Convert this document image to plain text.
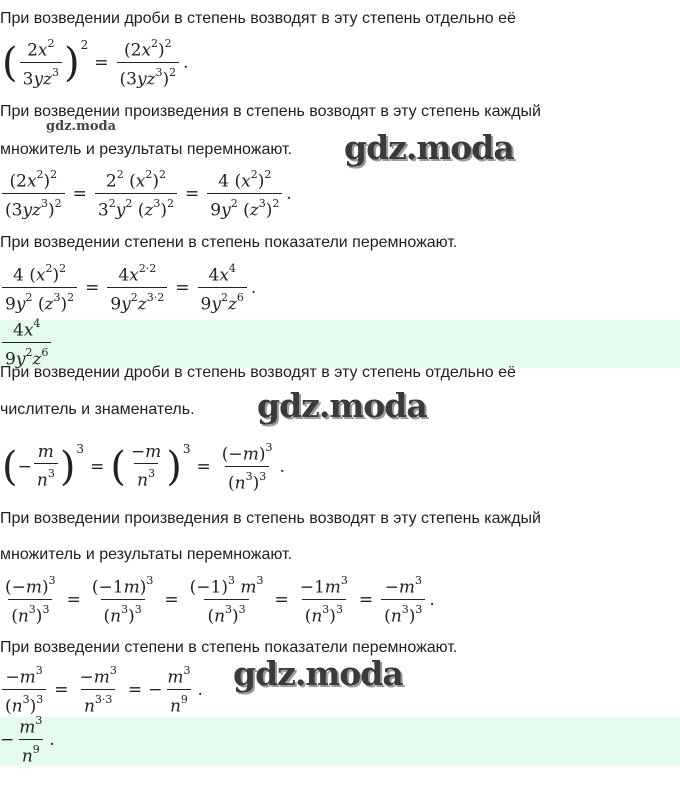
gdz.moda
gdz.moda
gdz.moda
gdz.moda
При возведении дроби в степень возводят в эту степень отдельно её
При возведении произведения в степень возводят в эту степень каждый
множитель и результаты перемножают.
При возведении степени в степень показатели перемножают.
При возведении дроби в степень возводят в эту степень отдельно её
числитель и знаменатель.
При возведении произведения в степень возводят в эту степень каждый
множитель и результаты перемножают.
При возведении степени в степень показатели перемножают.
( $\frac{2x^2}{3yz^3}$ ) 2
= $\frac{(2x^2)^2}{(3yz^3)^2}$ .
$\frac{(2x^2)^2}{(3yz^3)^2} = \frac{2^2 (x^2)^2}{3^2y^2 (z^3)^2} = \frac{4 (x^2)^2}{9y^2 (z^3)^2}$ .
$\frac{4 (x^2)^2}{9y^2 (z^3)^2} = \frac{4x^{2\cdot 2}}{9y^2z^{3\cdot 2}} = \frac{4x^4}{9y^2z^6}$ .
$\frac{4x^4}{9y^2z^6}$
( − $\frac{m}{n^3}$ ) 3
= ( $\frac{-m}{n^3}$ ) 3
= $\frac{(-m)^3}{(n^3)^3}$ .
$\frac{(-m)^3}{(n^3)^3} = \frac{(-1m)^3}{(n^3)^3} = \frac{(-1)^3 m^3}{(n^3)^3} = \frac{-1m^3}{(n^3)^3} = \frac{-m^3}{(n^3)^3}$ .
$\frac{-m^3}{(n^3)^3} = \frac{-m^3}{n^{3\cdot 3}}$ = − $\frac{m^3}{n^9}$ .
− $\frac{m^3}{n^9}$ .
